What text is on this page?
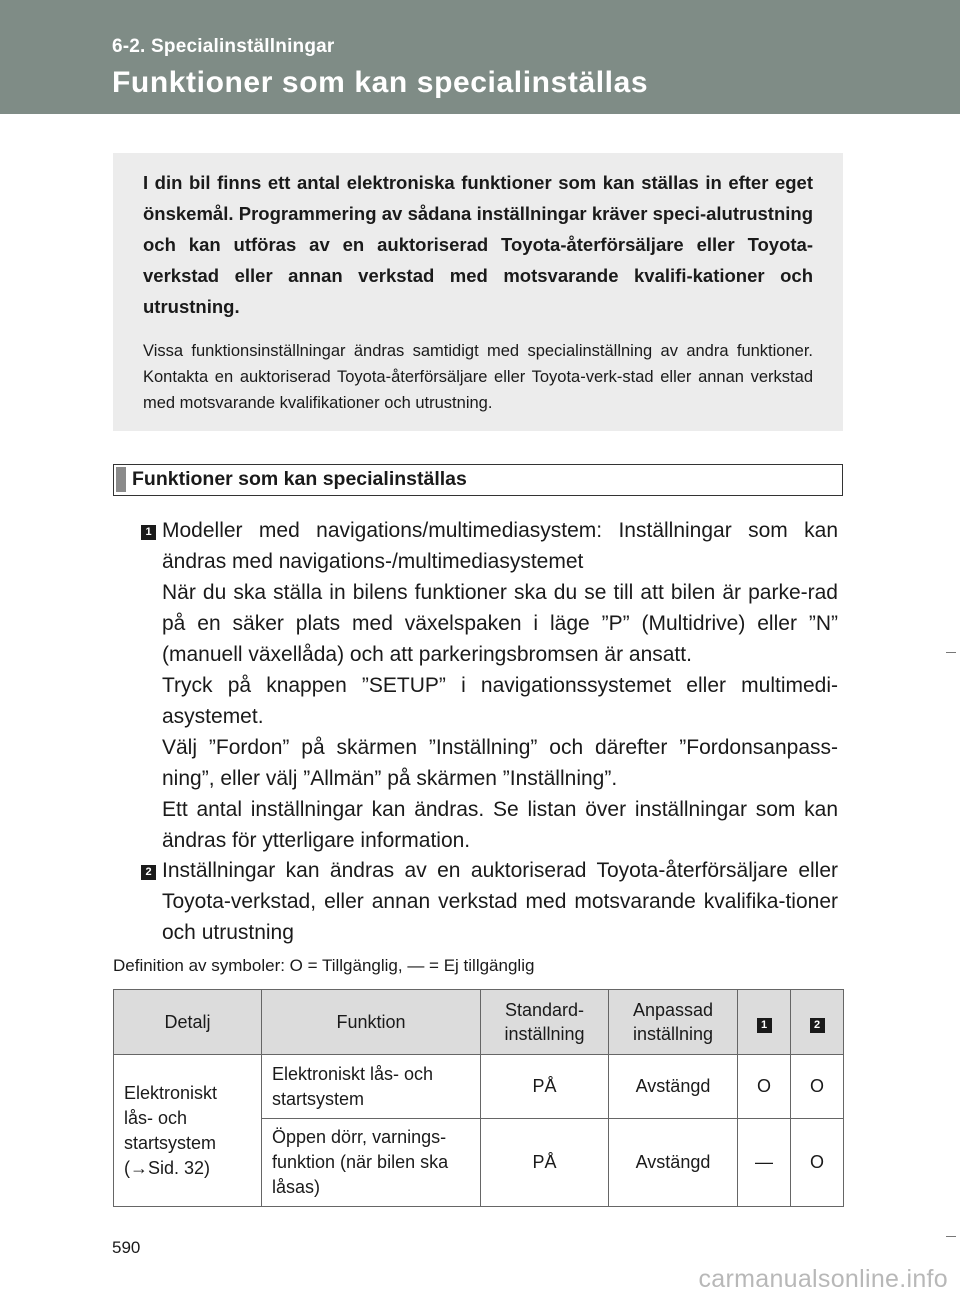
6-2. Specialinställningar
Funktioner som kan specialinställas

I din bil finns ett antal elektroniska funktioner som kan ställas in efter eget önskemål. Programmering av sådana inställningar kräver speci-alutrustning och kan utföras av en auktoriserad Toyota-återförsäljare eller Toyota-verkstad eller annan verkstad med motsvarande kvalifi-kationer och utrustning.

Vissa funktionsinställningar ändras samtidigt med specialinställning av andra funktioner. Kontakta en auktoriserad Toyota-återförsäljare eller Toyota-verk-stad eller annan verkstad med motsvarande kvalifikationer och utrustning.

Funktioner som kan specialinställas
1 Modeller med navigations/multimediasystem: Inställningar som kan ändras med navigations-/multimediasystemet

När du ska ställa in bilens funktioner ska du se till att bilen är parke-rad på en säker plats med växelspaken i läge ”P” (Multidrive) eller ”N” (manuell växellåda) och att parkeringsbromsen är ansatt.

Tryck på knappen ”SETUP” i navigationssystemet eller multimedi-asystemet.

Välj ”Fordon” på skärmen ”Inställning” och därefter ”Fordonsanpass-ning”, eller välj ”Allmän” på skärmen ”Inställning”.

Ett antal inställningar kan ändras. Se listan över inställningar som kan ändras för ytterligare information.

2 Inställningar kan ändras av en auktoriserad Toyota-återförsäljare eller Toyota-verkstad, eller annan verkstad med motsvarande kvalifika-tioner och utrustning

Definition av symboler: O = Tillgänglig, — = Ej tillgänglig
Detalj	Funktion	Standard-inställning	Anpassad inställning	1	2

Elektroniskt
lås- och
startsystem
(→Sid. 32)	Elektroniskt lås- och startsystem	PÅ	Avstängd	O	O
	Öppen dörr, varnings-funktion (när bilen ska låsas)	PÅ	Avstängd	—	O
590
carmanualsonline.info
